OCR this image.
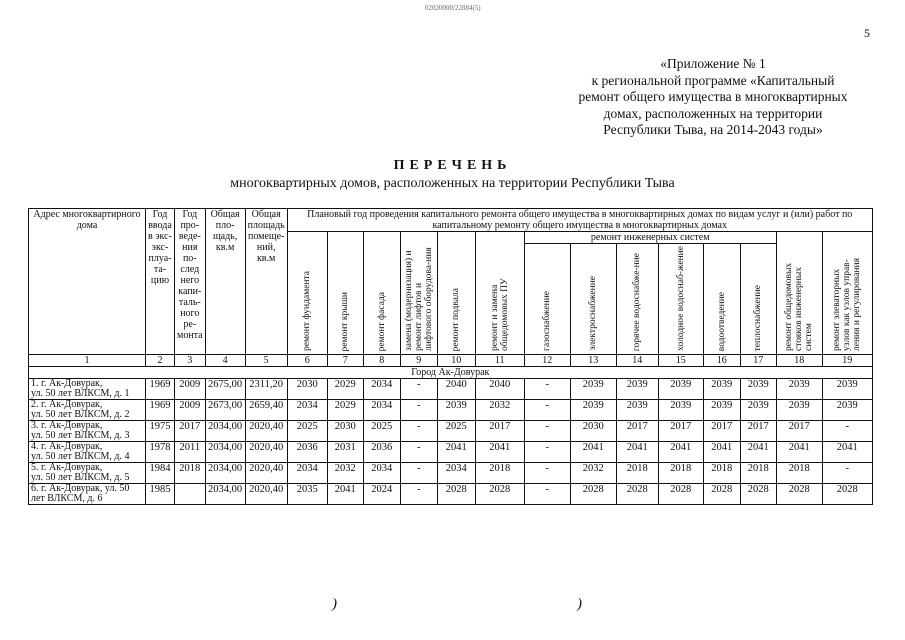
02020000/22884(5)
5
«Приложение № 1
к региональной программе «Капитальный
ремонт общего имущества в многоквартирных
домах, расположенных на территории
Республики Тыва, на 2014-2043 годы»
ПЕРЕЧЕНЬ
многоквартирных домов, расположенных на территории Республики Тыва
Адрес многоквартирного дома	Год ввода в экс-экс-плуа-та-цию	Год про-веде-ния по-след него капи-таль-ного ре-монта	Общая пло-щадь, кв.м	Общая площадь помеще-ний, кв.м	Плановый год проведения капитального ремонта общего имущества в многоквартирных домах по видам услуг и (или) работ по капитальному ремонту общего имущества в многоквартирных домах													

					ремонт фундамента	ремонт крыши	ремонт фасада	замена (модернизация) и ремонт лифтов и лифтового оборудова-ния	ремонт подвала	ремонт и замена общедомовых ПУ	ремонт инженерных систем						ремонт общедомовых стояков инженерных систем	ремонт элеваторных узлов как узлов управ-ления и регулирования

											газоснабжение	электроснабжение	горячее водоснабже-ние	холодное водоснаб-жение	водоотведение	теплоснабжение		

1	2	3	4	5	6	7	8	9	10	11	12	13	14	15	16	17	18	19
Город Ак-Довурак																		

1. г. Ак-Довурак,
ул. 50 лет ВЛКСМ, д. 1	1969	2009	2675,00	2311,20	2030	2029	2034	-	2040	2040	-	2039	2039	2039	2039	2039	2039	2039

2. г. Ак-Довурак,
ул. 50 лет ВЛКСМ, д. 2	1969	2009	2673,00	2659,40	2034	2029	2034	-	2039	2032	-	2039	2039	2039	2039	2039	2039	2039

3. г. Ак-Довурак,
ул. 50 лет ВЛКСМ, д. 3	1975	2017	2034,00	2020,40	2025	2030	2025	-	2025	2017	-	2030	2017	2017	2017	2017	2017	-

4. г. Ак-Довурак,
ул. 50 лет ВЛКСМ, д. 4	1978	2011	2034,00	2020,40	2036	2031	2036	-	2041	2041	-	2041	2041	2041	2041	2041	2041	2041

5. г. Ак-Довурак,
ул. 50 лет ВЛКСМ, д. 5	1984	2018	2034,00	2020,40	2034	2032	2034	-	2034	2018	-	2032	2018	2018	2018	2018	2018	-

6. г. Ак-Довурак, ул. 50
лет ВЛКСМ, д. 6	1985		2034,00	2020,40	2035	2041	2024	-	2028	2028	-	2028	2028	2028	2028	2028	2028	2028
)	)
